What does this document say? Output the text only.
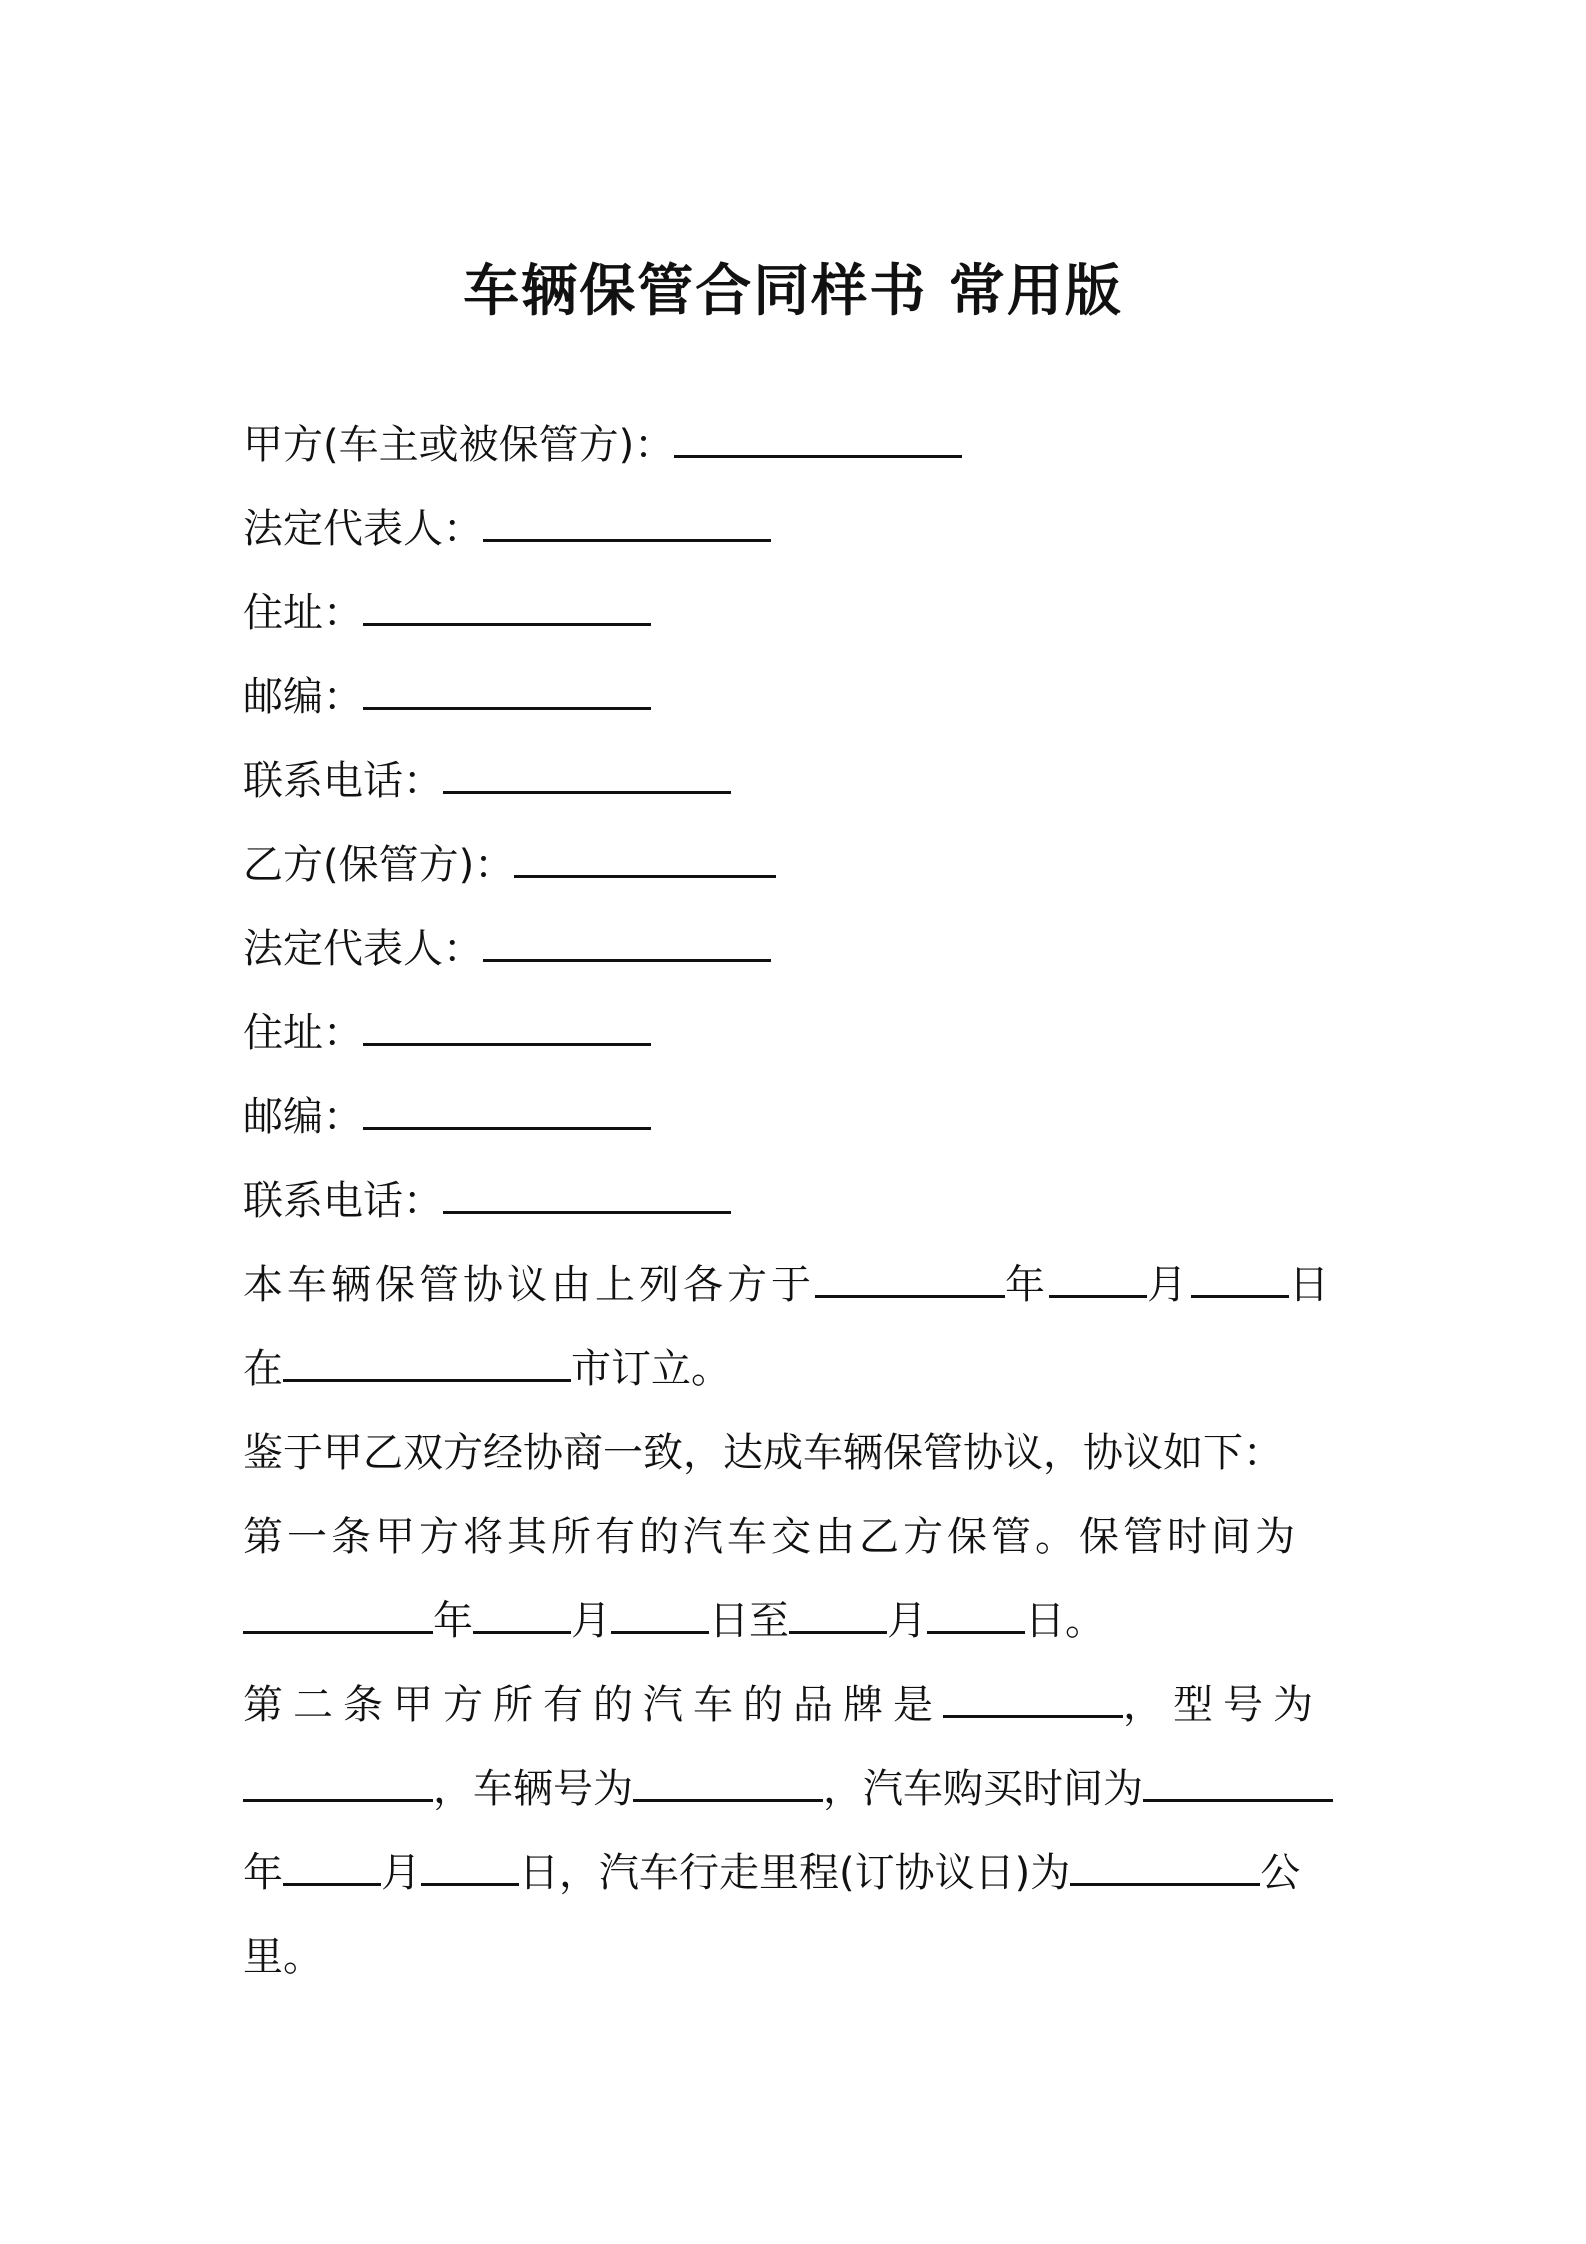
车辆保管合同样书 常用版
甲方(车主或被保管方)：
法定代表人：
住址：
邮编：
联系电话：
乙方(保管方)：
法定代表人：
住址：
邮编：
联系电话：
本车辆保管协议由上列各方于	年 月 日
在	市订立。
鉴于甲乙双方经协商一致，达成车辆保管协议，协议如下：
第一条甲方将其所有的汽车交由乙方保管。保管时间为
年 月 日至 月 日。
第二条甲方所有的汽车的品牌是	，型号为
，车辆号为	，汽车购买时间为
年 月 日，汽车行走里程(订协议日)为	公
里。
